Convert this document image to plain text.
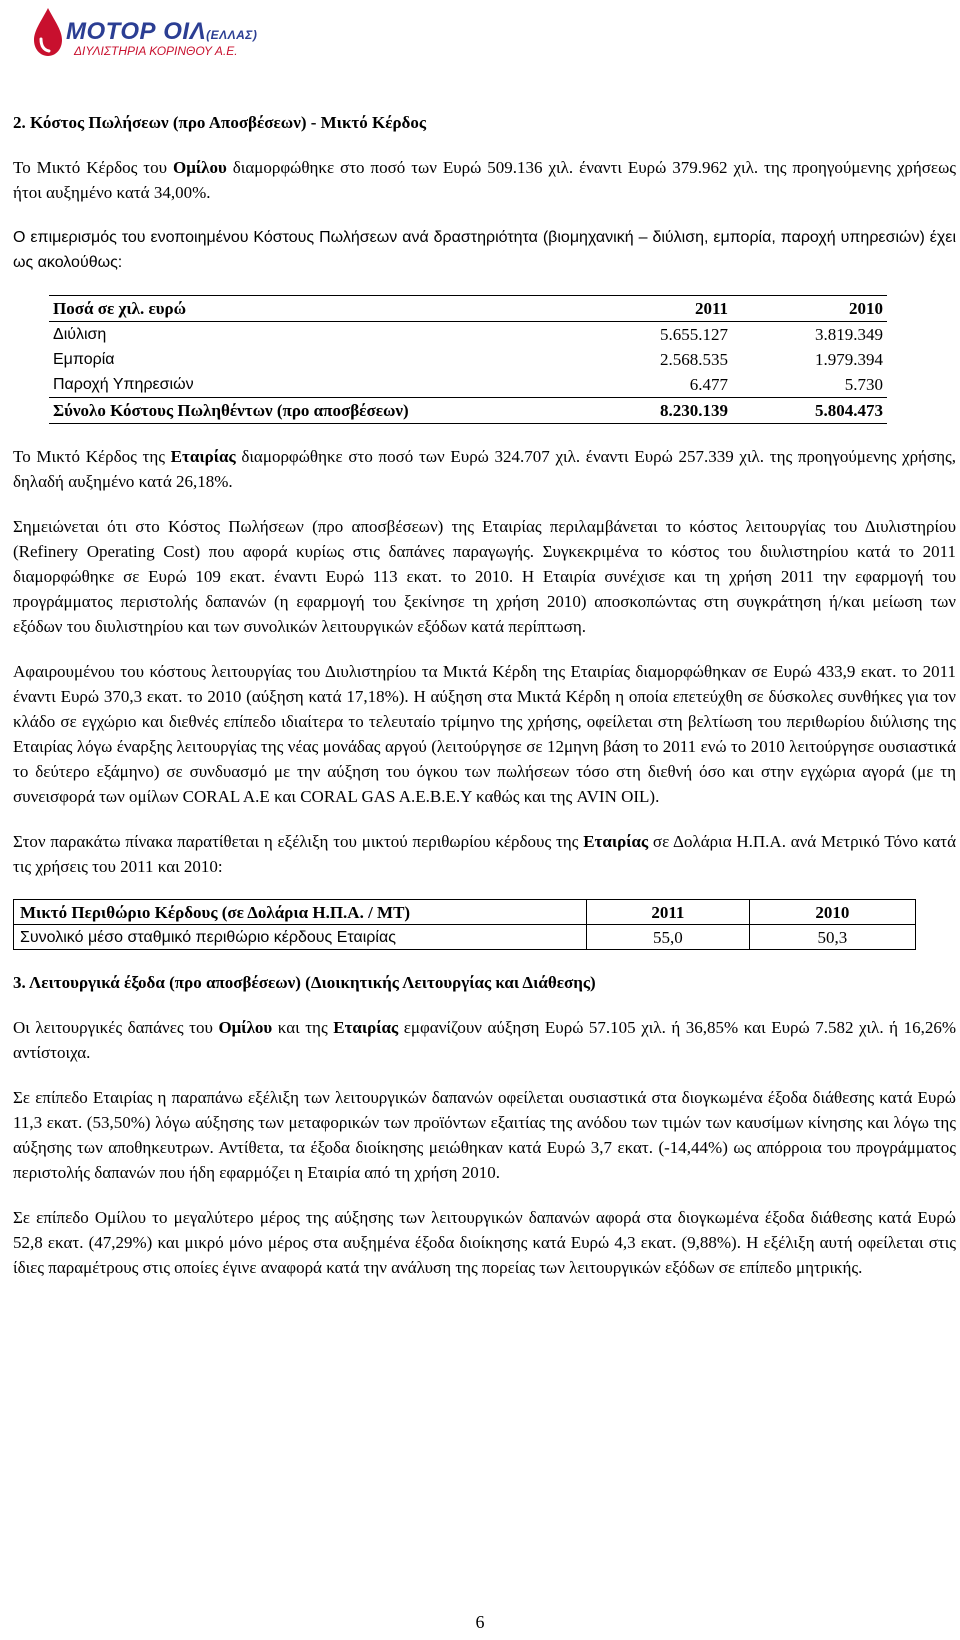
ΜΟΤΟΡ ΟΙΛ(ΕΛΛΑΣ)
ΔΙΥΛΙΣΤΗΡΙΑ ΚΟΡΙΝΘΟΥ Α.Ε.
2. Κόστος Πωλήσεων (προ Αποσβέσεων) - Μικτό Κέρδος

Το Μικτό Κέρδος του Ομίλου διαμορφώθηκε στο ποσό των Ευρώ 509.136 χιλ. έναντι Ευρώ 379.962 χιλ. της προηγούμενης χρήσεως ήτοι αυξημένο κατά 34,00%.

Ο επιμερισμός του ενοποιημένου Κόστους Πωλήσεων ανά δραστηριότητα (βιομηχανική – διύλιση, εμπορία, παροχή υπηρεσιών) έχει ως ακολούθως:

Ποσά σε χιλ. ευρώ	2011	2010
Διύλιση	5.655.127	3.819.349
Εμπορία	2.568.535	1.979.394
Παροχή Υπηρεσιών	6.477	5.730
Σύνολο Κόστους Πωληθέντων (προ αποσβέσεων)	8.230.139	5.804.473

Το Μικτό Κέρδος της Εταιρίας διαμορφώθηκε στο ποσό των Ευρώ 324.707 χιλ. έναντι Ευρώ 257.339 χιλ. της προηγούμενης χρήσης, δηλαδή αυξημένο κατά 26,18%.

Σημειώνεται ότι στο Κόστος Πωλήσεων (προ αποσβέσεων) της Εταιρίας περιλαμβάνεται το κόστος λειτουργίας του Διυλιστηρίου (Refinery Operating Cost) που αφορά κυρίως στις δαπάνες παραγωγής. Συγκεκριμένα το κόστος του διυλιστηρίου κατά το 2011 διαμορφώθηκε σε Ευρώ 109 εκατ. έναντι Ευρώ 113 εκατ. το 2010. Η Εταιρία συνέχισε και τη χρήση 2011 την εφαρμογή του προγράμματος περιστολής δαπανών (η εφαρμογή του ξεκίνησε τη χρήση 2010) αποσκοπώντας στη συγκράτηση ή/και μείωση των εξόδων του διυλιστηρίου και των συνολικών λειτουργικών εξόδων κατά περίπτωση.

Αφαιρουμένου του κόστους λειτουργίας του Διυλιστηρίου τα Μικτά Κέρδη της Εταιρίας διαμορφώθηκαν σε Ευρώ 433,9 εκατ. το 2011 έναντι Ευρώ 370,3 εκατ. το 2010 (αύξηση κατά 17,18%). Η αύξηση στα Μικτά Κέρδη η οποία επετεύχθη σε δύσκολες συνθήκες για τον κλάδο σε εγχώριο και διεθνές επίπεδο ιδιαίτερα το τελευταίο τρίμηνο της χρήσης, οφείλεται στη βελτίωση του περιθωρίου διύλισης της Εταιρίας λόγω έναρξης λειτουργίας της νέας μονάδας αργού (λειτούργησε σε 12μηνη βάση το 2011 ενώ το 2010 λειτούργησε ουσιαστικά το δεύτερο εξάμηνο) σε συνδυασμό με την αύξηση του όγκου των πωλήσεων τόσο στη διεθνή όσο και στην εγχώρια αγορά (με τη συνεισφορά των ομίλων CORAL A.E και CORAL GAS A.E.B.E.Y καθώς και της AVIN OIL).

Στον παρακάτω πίνακα παρατίθεται η εξέλιξη του μικτού περιθωρίου κέρδους της Εταιρίας σε Δολάρια Η.Π.Α. ανά Μετρικό Τόνο κατά τις χρήσεις του 2011 και 2010:

Μικτό Περιθώριο Κέρδους (σε Δολάρια Η.Π.Α. / ΜΤ)	2011	2010
Συνολικό μέσο σταθμικό περιθώριο κέρδους Εταιρίας	55,0	50,3
3. Λειτουργικά έξοδα (προ αποσβέσεων) (Διοικητικής Λειτουργίας και Διάθεσης)

Οι λειτουργικές δαπάνες του Ομίλου και της Εταιρίας εμφανίζουν αύξηση Ευρώ 57.105 χιλ. ή 36,85% και Ευρώ 7.582 χιλ. ή 16,26% αντίστοιχα.

Σε επίπεδο Εταιρίας η παραπάνω εξέλιξη των λειτουργικών δαπανών οφείλεται ουσιαστικά στα διογκωμένα έξοδα διάθεσης κατά Ευρώ 11,3 εκατ. (53,50%) λόγω αύξησης των μεταφορικών των προϊόντων εξαιτίας της ανόδου των τιμών των καυσίμων κίνησης και λόγω της αύξησης των αποθηκευτρων. Αντίθετα, τα έξοδα διοίκησης μειώθηκαν κατά Ευρώ 3,7 εκατ. (-14,44%) ως απόρροια του προγράμματος περιστολής δαπανών που ήδη εφαρμόζει η Εταιρία από τη χρήση 2010.

Σε επίπεδο Ομίλου το μεγαλύτερο μέρος της αύξησης των λειτουργικών δαπανών αφορά στα διογκωμένα έξοδα διάθεσης κατά Ευρώ 52,8 εκατ. (47,29%) και μικρό μόνο μέρος στα αυξημένα έξοδα διοίκησης κατά Ευρώ 4,3 εκατ. (9,88%). Η εξέλιξη αυτή οφείλεται στις ίδιες παραμέτρους στις οποίες έγινε αναφορά κατά την ανάλυση της πορείας των λειτουργικών εξόδων σε επίπεδο μητρικής.

6
